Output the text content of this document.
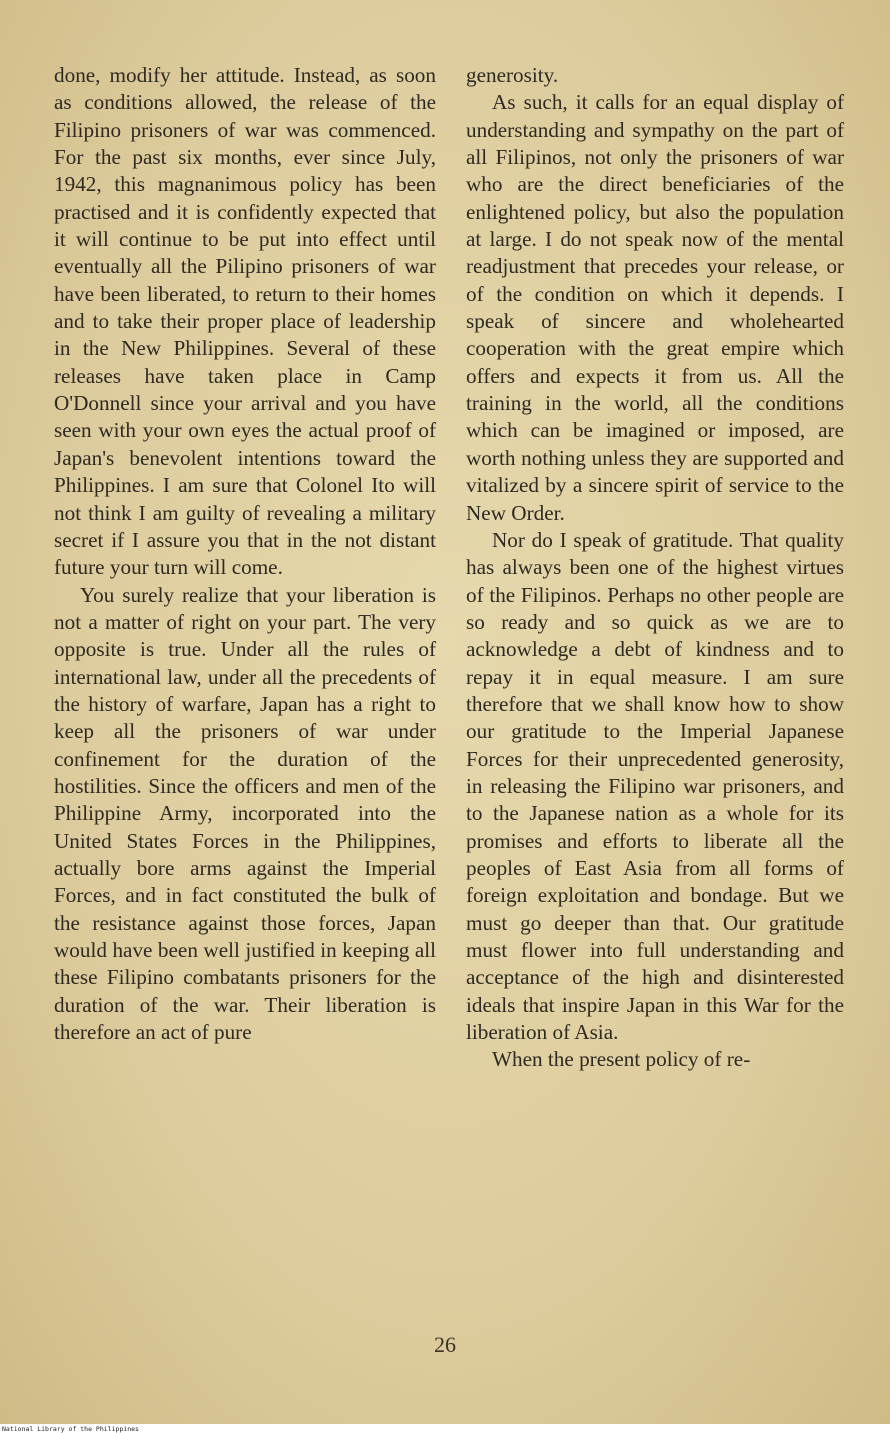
done, modify her attitude. Instead, as soon as conditions allowed, the release of the Filipino prisoners of war was commenced. For the past six months, ever since July, 1942, this magnanimous policy has been practised and it is confidently expected that it will continue to be put into effect until eventually all the Pilipino prisoners of war have been liberated, to return to their homes and to take their proper place of leadership in the New Philippines. Several of these releases have taken place in Camp O'Donnell since your arrival and you have seen with your own eyes the actual proof of Japan's benevolent intentions toward the Philippines. I am sure that Colonel Ito will not think I am guilty of revealing a military secret if I assure you that in the not distant future your turn will come.

You surely realize that your liberation is not a matter of right on your part. The very opposite is true. Under all the rules of international law, under all the precedents of the history of warfare, Japan has a right to keep all the prisoners of war under confinement for the duration of the hostilities. Since the officers and men of the Philippine Army, incorporated into the United States Forces in the Philippines, actually bore arms against the Imperial Forces, and in fact constituted the bulk of the resistance against those forces, Japan would have been well justified in keeping all these Filipino combatants prisoners for the duration of the war. Their liberation is therefore an act of pure

generosity.

As such, it calls for an equal display of understanding and sympathy on the part of all Filipinos, not only the prisoners of war who are the direct beneficiaries of the enlightened policy, but also the population at large. I do not speak now of the mental readjustment that precedes your release, or of the condition on which it depends. I speak of sincere and wholehearted cooperation with the great empire which offers and expects it from us. All the training in the world, all the conditions which can be imagined or imposed, are worth nothing unless they are supported and vitalized by a sincere spirit of service to the New Order.

Nor do I speak of gratitude. That quality has always been one of the highest virtues of the Filipinos. Perhaps no other people are so ready and so quick as we are to acknowledge a debt of kindness and to repay it in equal measure. I am sure therefore that we shall know how to show our gratitude to the Imperial Japanese Forces for their unprecedented generosity, in releasing the Filipino war prisoners, and to the Japanese nation as a whole for its promises and efforts to liberate all the peoples of East Asia from all forms of foreign exploitation and bondage. But we must go deeper than that. Our gratitude must flower into full understanding and acceptance of the high and disinterested ideals that inspire Japan in this War for the liberation of Asia.

When the present policy of re-

26
National Library of the Philippines
